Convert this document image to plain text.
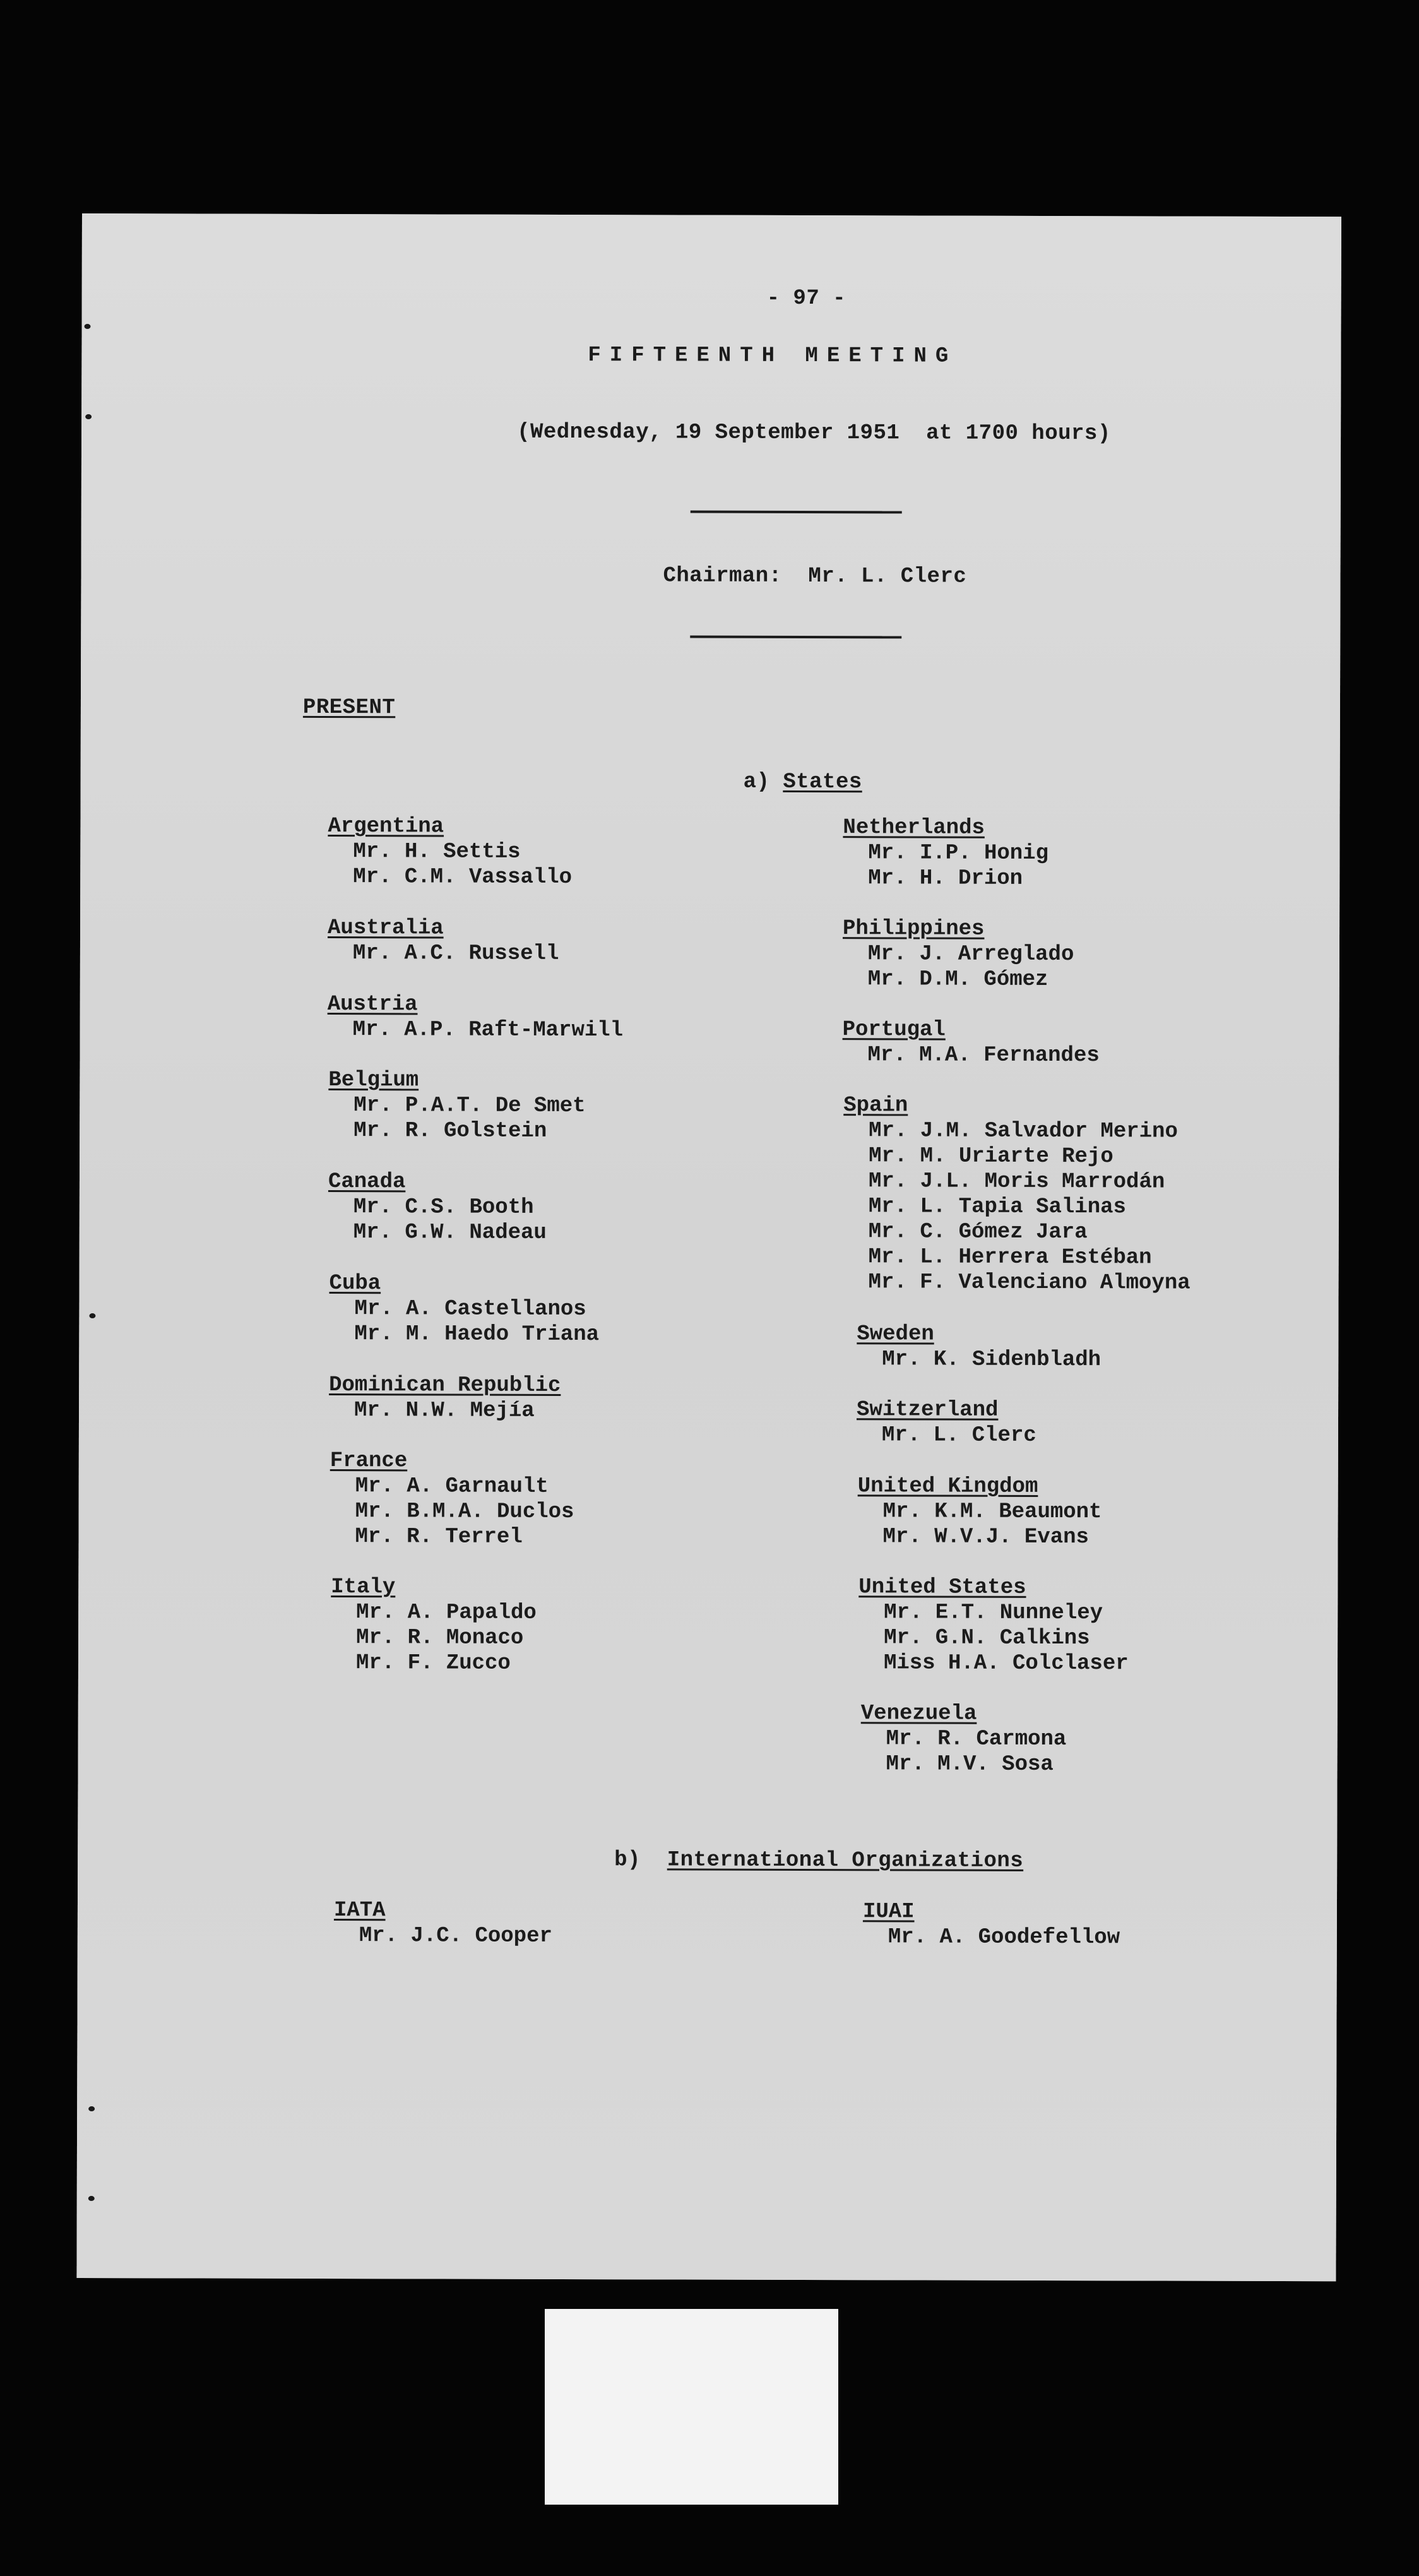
- 97 -
FIFTEENTH MEETING
(Wednesday, 19 September 1951  at 1700 hours)
Chairman:  Mr. L. Clerc
PRESENT
a) States
Argentina
Mr. H. Settis
Mr. C.M. Vassallo
Australia
Mr. A.C. Russell
Austria
Mr. A.P. Raft-Marwill
Belgium
Mr. P.A.T. De Smet
Mr. R. Golstein
Canada
Mr. C.S. Booth
Mr. G.W. Nadeau
Cuba
Mr. A. Castellanos
Mr. M. Haedo Triana
Dominican Republic
Mr. N.W. Mejía
France
Mr. A. Garnault
Mr. B.M.A. Duclos
Mr. R. Terrel
Italy
Mr. A. Papaldo
Mr. R. Monaco
Mr. F. Zucco
Netherlands
Mr. I.P. Honig
Mr. H. Drion
Philippines
Mr. J. Arreglado
Mr. D.M. Gómez
Portugal
Mr. M.A. Fernandes
Spain
Mr. J.M. Salvador Merino
Mr. M. Uriarte Rejo
Mr. J.L. Moris Marrodán
Mr. L. Tapia Salinas
Mr. C. Gómez Jara
Mr. L. Herrera Estéban
Mr. F. Valenciano Almoyna
Sweden
Mr. K. Sidenbladh
Switzerland
Mr. L. Clerc
United Kingdom
Mr. K.M. Beaumont
Mr. W.V.J. Evans
United States
Mr. E.T. Nunneley
Mr. G.N. Calkins
Miss H.A. Colclaser
Venezuela
Mr. R. Carmona
Mr. M.V. Sosa
b) International Organizations
IATA
Mr. J.C. Cooper
IUAI
Mr. A. Goodefellow
